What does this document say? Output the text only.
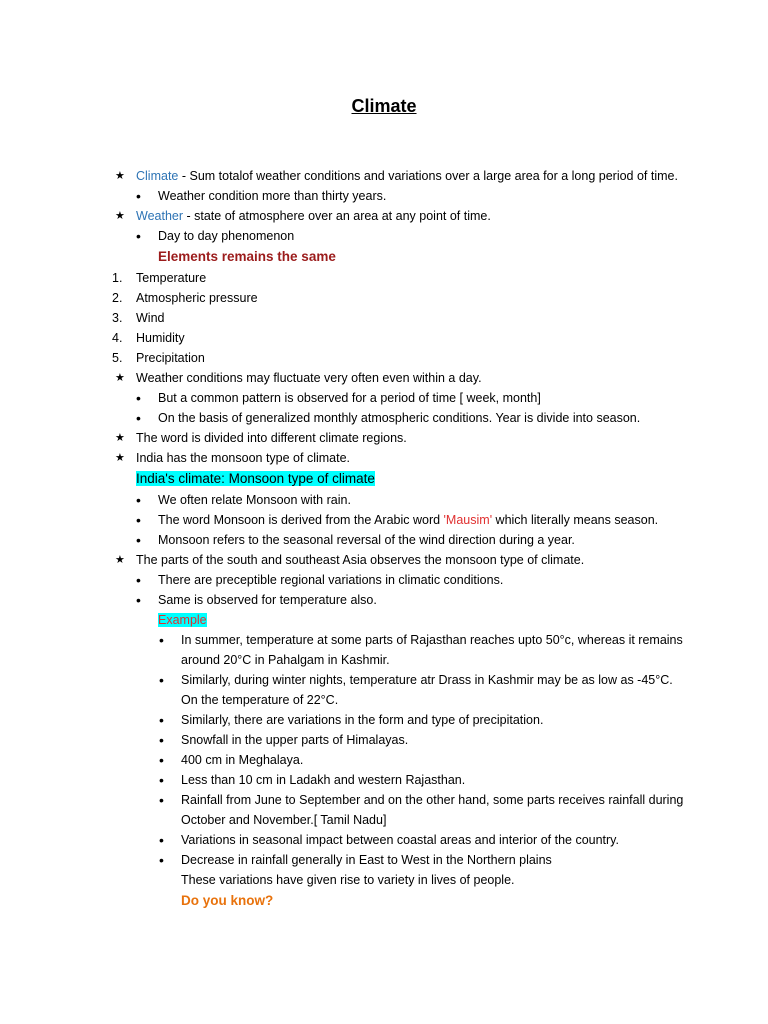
Climate
★ Climate - Sum totalof weather conditions and variations over a large area for a long period of time.
• Weather condition more than thirty years.
★ Weather - state of atmosphere over an area at any point of time.
• Day to day phenomenon
Elements remains the same
1. Temperature
2. Atmospheric pressure
3. Wind
4. Humidity
5. Precipitation
★ Weather conditions may fluctuate very often even within a day.
• But a common pattern is observed for a period of time [ week, month]
• On the basis of generalized monthly atmospheric conditions. Year is divide into season.
★ The word is divided into different climate regions.
★ India has the monsoon type of climate.
India's climate: Monsoon type of climate
• We often relate Monsoon with rain.
• The word Monsoon is derived from the Arabic word 'Mausim' which literally means season.
• Monsoon refers to the seasonal reversal of the wind direction during a year.
★ The parts of the south and southeast Asia observes the monsoon type of climate.
• There are preceptible regional variations in climatic conditions.
• Same is observed for temperature also.
Example
• In summer, temperature at some parts of Rajasthan reaches upto 50°c, whereas it remains around 20°C in Pahalgam in Kashmir.
• Similarly, during winter nights, temperature atr Drass in Kashmir may be as low as -45°C. On the temperature of 22°C.
• Similarly, there are variations in the form and type of precipitation.
• Snowfall in the upper parts of Himalayas.
• 400 cm in Meghalaya.
• Less than 10 cm in Ladakh and western Rajasthan.
• Rainfall from June to September and on the other hand, some parts receives rainfall during October and November.[ Tamil Nadu]
• Variations in seasonal impact between coastal areas and interior of the country.
• Decrease in rainfall generally in East to West in the Northern plains
These variations have given rise to variety in lives of people.
Do you know?
